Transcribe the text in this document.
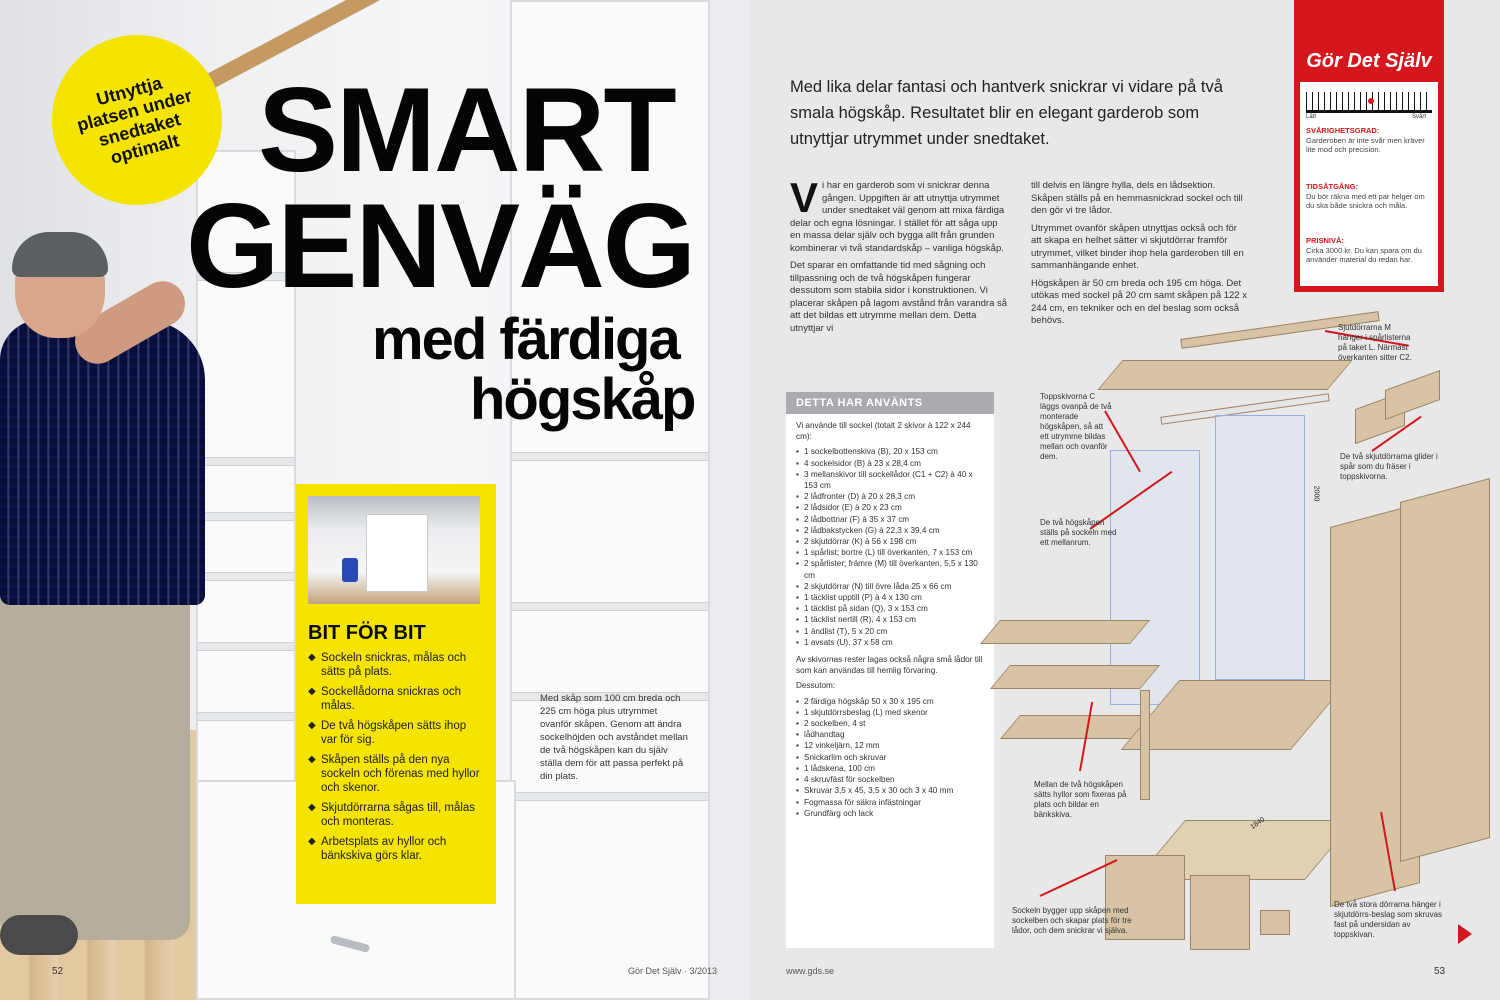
Utnyttja platsen under snedtaket optimalt SMART
GENVÄG
med färdiga
högskåp
BIT FÖR BIT
◆ Sockeln snickras, målas och sätts på plats.
◆ Sockellådorna snickras och målas.
◆ De två högskåpen sätts ihop var för sig.
◆ Skåpen ställs på den nya sockeln och förenas med hyllor och skenor.
◆ Skjutdörrarna sågas till, målas och monteras.
◆ Arbetsplats av hyllor och bänkskiva görs klar.
Med skåp som 100 cm breda och 225 cm höga plus utrymmet ovanför skåpen. Genom att ändra sockelhöjden och avståndet mellan de två högskåpen kan du själv ställa dem för att passa perfekt på din plats.
52	Gör Det Själv · 3/2013
Med lika delar fantasi och hantverk snickrar vi vidare på två smala högskåp. Resultatet blir en elegant garderob som utnyttjar utrymmet under snedtaket.
V i har en garderob som vi snickrar denna gången. Uppgiften är att utnyttja utrymmet under snedtaket väl genom att mixa färdiga delar och egna lösningar. I stället för att såga upp en massa delar själv och bygga allt från grunden kombinerar vi två standardskåp – vanliga högskåp.

Det sparar en omfattande tid med sågning och tillpassning och de två högskåpen fungerar dessutom som stabila sidor i konstruktionen. Vi placerar skåpen på lagom avstånd från varandra så att det bildas ett utrymme mellan dem. Detta utnyttjar vi

till delvis en längre hylla, dels en lådsektion. Skåpen ställs på en hemmasnickrad sockel och till den gör vi tre lådor.

Utrymmet ovanför skåpen utnyttjas också och för att skapa en helhet sätter vi skjutdörrar framför utrymmet, vilket binder ihop hela garderoben till en sammanhängande enhet.

Högskåpen är 50 cm breda och 195 cm höga. Det utökas med sockel på 20 cm samt skåpen på 122 x 244 cm, en tekniker och en del beslag som också behövs.

DETTA HAR ANVÄNTS

Vi använde till sockel (totalt 2 skivor à 122 x 244 cm):

▪ 1 sockelbottenskiva (B), 20 x 153 cm
▪ 4 sockelsidor (B) à 23 x 28,4 cm
▪ 3 mellanskivor till sockellådor (C1 + C2) à 40 x 153 cm
▪ 2 lådfronter (D) à 20 x 28,3 cm
▪ 2 lådsidor (E) à 20 x 23 cm
▪ 2 lådbottnar (F) à 35 x 37 cm
▪ 2 lådbakstycken (G) à 22,3 x 39,4 cm
▪ 2 skjutdörrar (K) à 56 x 198 cm
▪ 1 spårlist; bortre (L) till överkanten, 7 x 153 cm
▪ 2 spårlister; främre (M) till överkanten, 5,5 x 130 cm
▪ 2 skjutdörrar (N) till övre låda 25 x 66 cm
▪ 1 täcklist upptill (P) à 4 x 130 cm
▪ 1 täcklist på sidan (Q), 3 x 153 cm
▪ 1 täcklist nertill (R), 4 x 153 cm
▪ 1 ändlist (T), 5 x 20 cm
▪ 1 avsats (U), 37 x 58 cm

Av skivornas rester lagas också några små lådor till som kan användas till hemlig förvaring.

Dessutom:

▪ 2 färdiga högskåp 50 x 30 x 195 cm
▪ 1 skjutdörrsbeslag (L) med skenor
▪ 2 sockelben, 4 st
▪ lådhandtag
▪ 12 vinkeljärn, 12 mm
▪ Snickarlim och skruvar
▪ 1 lådskena, 100 cm
▪ 4 skruvfäst för sockelben
▪ Skruvar 3,5 x 45, 3,5 x 30 och 3 x 40 mm
▪ Fogmassa för säkra infästningar
▪ Grundfärg och lack
Gör Det Själv
Lätt	Svårt
SVÅRIGHETSGRAD:
Garderoben är inte svår men kräver lite mod och precision.
TIDSÅTGÅNG:
Du bör räkna med ett par helger om du ska både snickra och måla.
PRISNIVÅ:
Cirka 3000 kr. Du kan spara om du använder material du redan har.
2000
1840
Sjutdörrarna M hänger i spårlisterna på taket L. Närmast överkanten sitter C2.
Toppskivorna C läggs ovanpå de två monterade högskåpen, så att ett utrymme bildas mellan och ovanför dem.
De två högskåpen ställs på sockeln med ett mellanrum.
De två skjutdörrarna glider i spår som du fräser i toppskivorna.
Mellan de två högskåpen sätts hyllor som fixeras på plats och bildar en bänkskiva.
Sockeln bygger upp skåpen med sockelben och skapar plats för tre lådor, och dem snickrar vi själva.
De två stora dörrarna hänger i skjutdörrs-beslag som skruvas fast på undersidan av toppskivan.
53
www.gds.se
